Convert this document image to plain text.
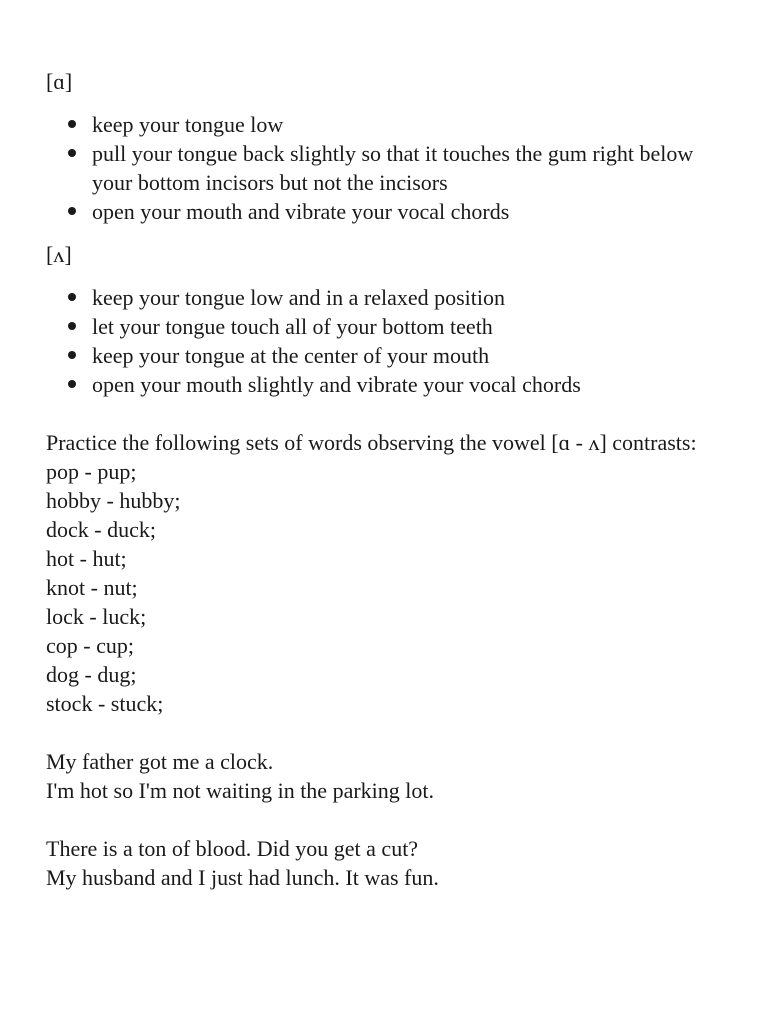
[ɑ]

keep your tongue low
pull your tongue back slightly so that it touches the gum right below your bottom incisors but not the incisors
open your mouth and vibrate your vocal chords

[ʌ]

keep your tongue low and in a relaxed position
let your tongue touch all of your bottom teeth
keep your tongue at the center of your mouth
open your mouth slightly and vibrate your vocal chords
Practice the following sets of words observing the vowel [ɑ - ʌ] contrasts:
pop - pup;
hobby - hubby;
dock - duck;
hot - hut;
knot - nut;
lock - luck;
cop - cup;
dog - dug;
stock - stuck;
My father got me a clock.
I'm hot so I'm not waiting in the parking lot.
There is a ton of blood. Did you get a cut?
My husband and I just had lunch. It was fun.
